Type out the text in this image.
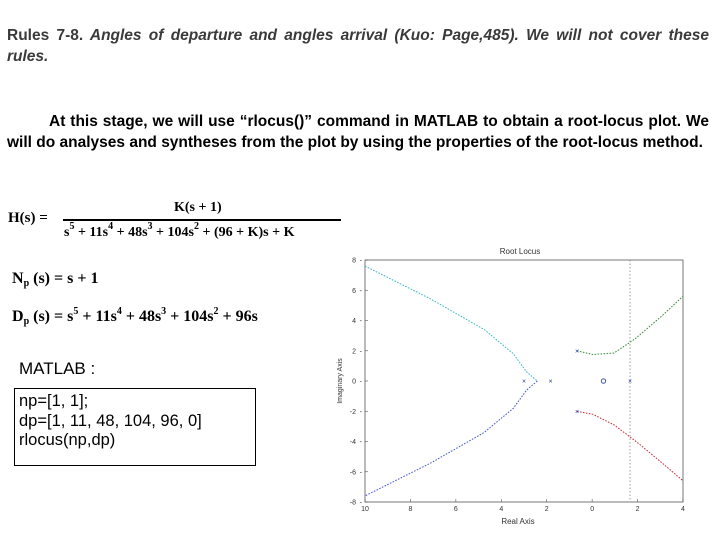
Rules 7-8. Angles of departure and angles arrival (Kuo: Page,485). We will not cover these rules.
At this stage, we will use “rlocus()” command in MATLAB to obtain a root-locus plot. We will do analyses and syntheses from the plot by using the properties of the root-locus method.
H(s) =
K(s + 1)
$s^5 + 11s^4 + 48s^3 + 104s^2 + (96 + K)s + K$
$N_p$ (s) = s + 1
$D_p$ $(s) = s^5 + 11s^4 + 48s^3 + 104s^2 + 96s$
MATLAB :
np=[1, 1];
dp=[1, 11, 48, 104, 96, 0]
rlocus(np,dp)
Root Locus
Real Axis
Imaginary Axis
10	8	6	4	2	0	2	4
8 -
6 -
4 -
2 -
0 -
-2 -
-4 -
-6 -
-8 -
×
×
×
×
×
